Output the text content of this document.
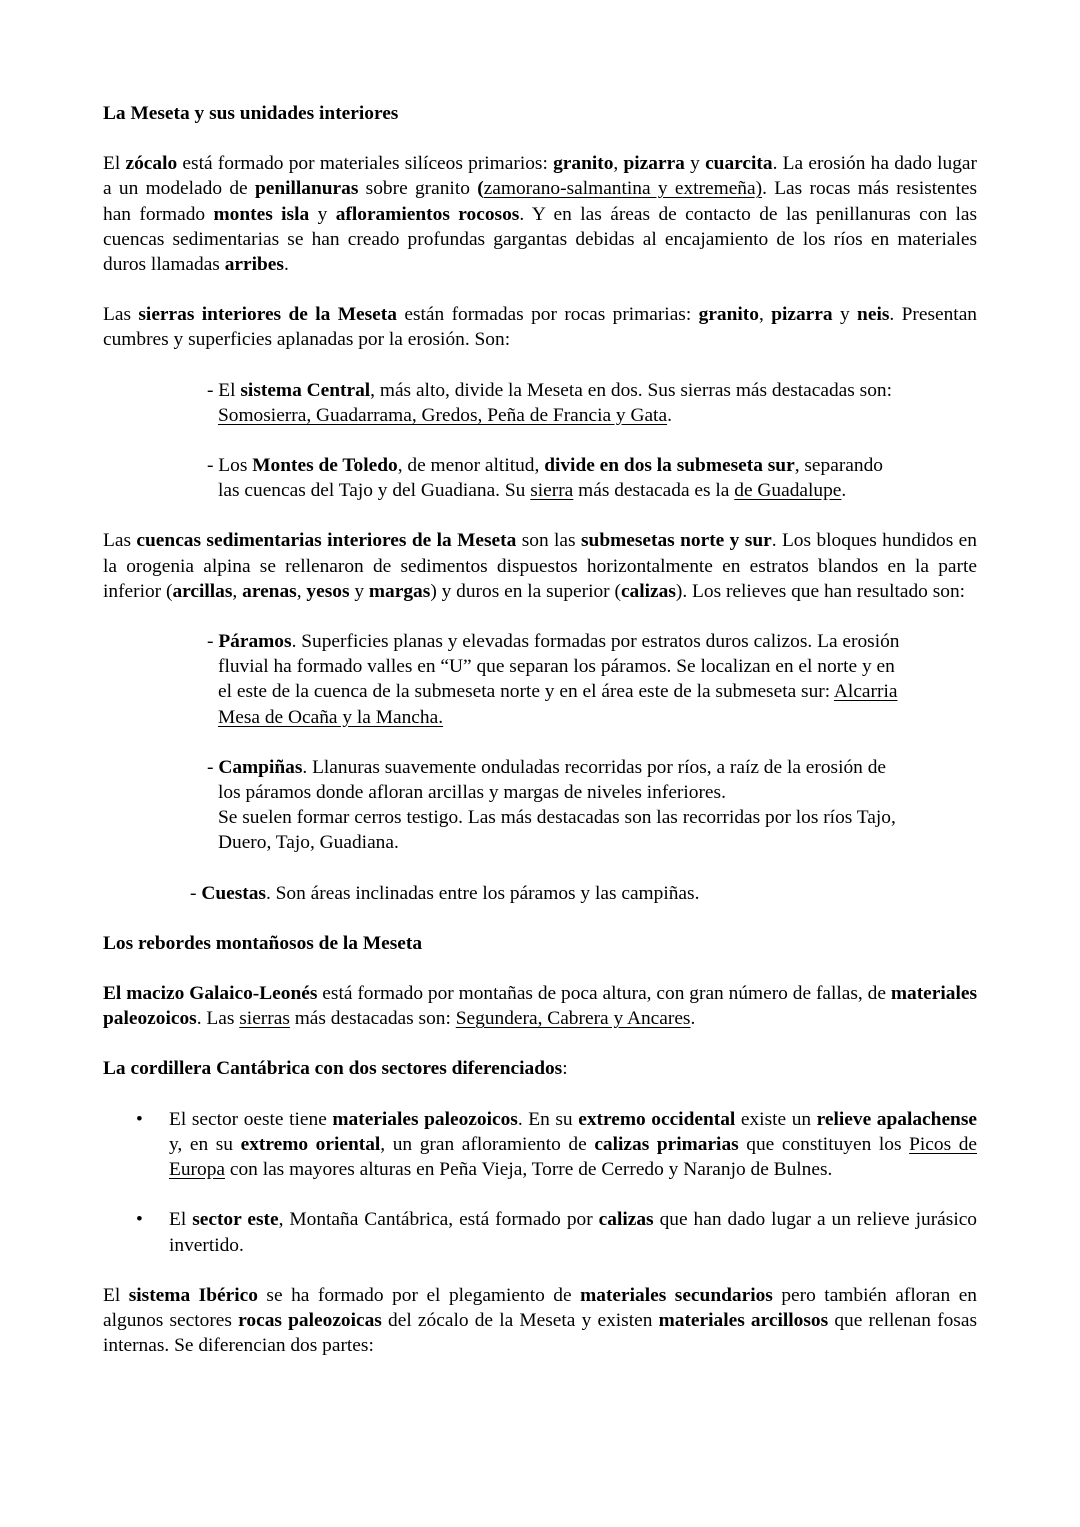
La Meseta y sus unidades interiores

El zócalo está formado por materiales silíceos primarios: granito, pizarra y cuarcita. La erosión ha dado lugar a un modelado de penillanuras sobre granito (zamorano-salmantina y extremeña). Las rocas más resistentes han formado montes isla y afloramientos rocosos. Y en las áreas de contacto de las penillanuras con las cuencas sedimentarias se han creado profundas gargantas debidas al encajamiento de los ríos en materiales duros llamadas arribes.

Las sierras interiores de la Meseta están formadas por rocas primarias: granito, pizarra y neis. Presentan cumbres y superficies aplanadas por la erosión. Son:

- El sistema Central, más alto, divide la Meseta en dos. Sus sierras más destacadas son:
Somosierra, Guadarrama, Gredos, Peña de Francia y Gata.
- Los Montes de Toledo, de menor altitud, divide en dos la submeseta sur, separando
las cuencas del Tajo y del Guadiana. Su sierra más destacada es la de Guadalupe.

Las cuencas sedimentarias interiores de la Meseta son las submesetas norte y sur. Los bloques hundidos en la orogenia alpina se rellenaron de sedimentos dispuestos horizontalmente en estratos blandos en la parte inferior (arcillas, arenas, yesos y margas) y duros en la superior (calizas). Los relieves que han resultado son:

- Páramos. Superficies planas y elevadas formadas por estratos duros calizos. La erosión
fluvial ha formado valles en “U” que separan los páramos. Se localizan en el norte y en
el este de la cuenca de la submeseta norte y en el área este de la submeseta sur: Alcarria
Mesa de Ocaña y la Mancha.
- Campiñas. Llanuras suavemente onduladas recorridas por ríos, a raíz de la erosión de
los páramos donde afloran arcillas y margas de niveles inferiores.
Se suelen formar cerros testigo. Las más destacadas son las recorridas por los ríos Tajo,
Duero, Tajo, Guadiana.
- Cuestas. Son áreas inclinadas entre los páramos y las campiñas.

Los rebordes montañosos de la Meseta

El macizo Galaico-Leonés está formado por montañas de poca altura, con gran número de fallas, de materiales paleozoicos. Las sierras más destacadas son: Segundera, Cabrera y Ancares.

La cordillera Cantábrica con dos sectores diferenciados:

• El sector oeste tiene materiales paleozoicos. En su extremo occidental existe un relieve apalachense y, en su extremo oriental, un gran afloramiento de calizas primarias que constituyen los Picos de Europa con las mayores alturas en Peña Vieja, Torre de Cerredo y Naranjo de Bulnes.
• El sector este, Montaña Cantábrica, está formado por calizas que han dado lugar a un relieve jurásico invertido.

El sistema Ibérico se ha formado por el plegamiento de materiales secundarios pero también afloran en algunos sectores rocas paleozoicas del zócalo de la Meseta y existen materiales arcillosos que rellenan fosas internas. Se diferencian dos partes:
